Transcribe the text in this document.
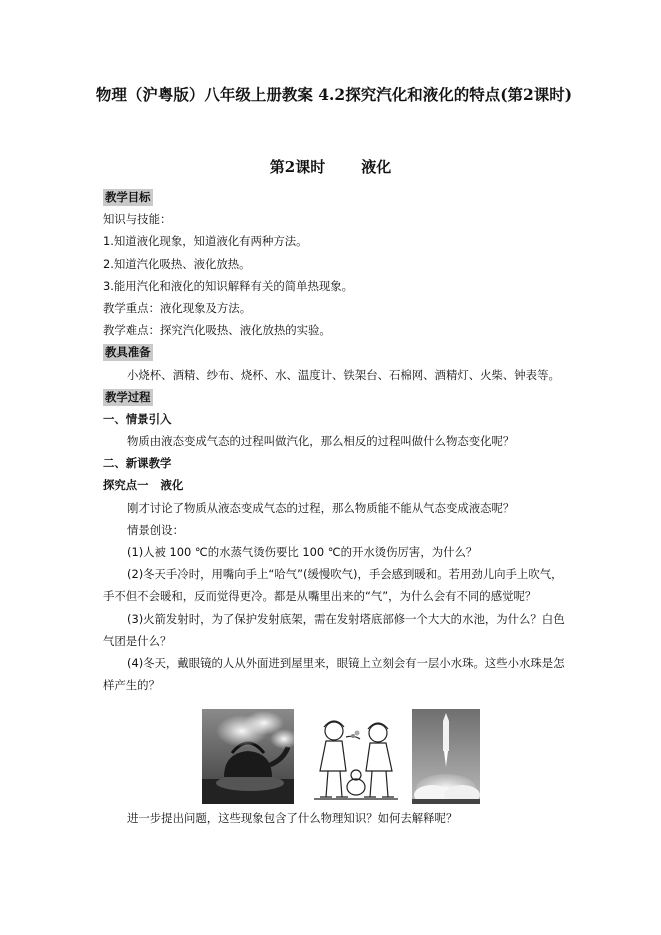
物理（沪粤版）八年级上册教案 4.2探究汽化和液化的特点(第2课时)

第2课时 液化

教学目标
知识与技能：
1.知道液化现象，知道液化有两种方法。
2.知道汽化吸热、液化放热。
3.能用汽化和液化的知识解释有关的简单热现象。
教学重点：液化现象及方法。
教学难点：探究汽化吸热、液化放热的实验。
教具准备
小烧杯、酒精、纱布、烧杯、水、温度计、铁架台、石棉网、酒精灯、火柴、钟表等。
教学过程
一、情景引入
物质由液态变成气态的过程叫做汽化，那么相反的过程叫做什么物态变化呢？
二、新课教学
探究点一 液化
刚才讨论了物质从液态变成气态的过程，那么物质能不能从气态变成液态呢？
情景创设：
(1)人被 100 ℃的水蒸气烫伤要比 100 ℃的开水烫伤厉害，为什么？
(2)冬天手冷时，用嘴向手上“哈气”(缓慢吹气)，手会感到暖和。若用劲儿向手上吹气，手不但不会暖和，反而觉得更冷。都是从嘴里出来的“气”，为什么会有不同的感觉呢？
(3)火箭发射时，为了保护发射底架，需在发射塔底部修一个大大的水池，为什么？白色气团是什么？
(4)冬天，戴眼镜的人从外面进到屋里来，眼镜上立刻会有一层小水珠。这些小水珠是怎样产生的？
进一步提出问题，这些现象包含了什么物理知识？如何去解释呢？
